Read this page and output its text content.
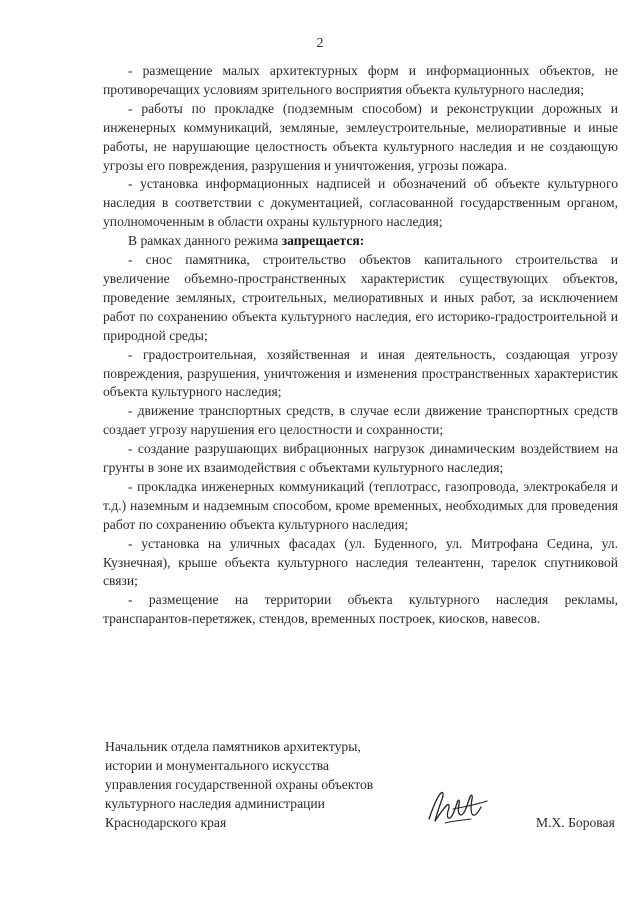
2

- размещение малых архитектурных форм и информационных объектов, не противоречащих условиям зрительного восприятия объекта культурного наследия;

- работы по прокладке (подземным способом) и реконструкции дорожных и инженерных коммуникаций, земляные, землеустроительные, мелиоративные и иные работы, не нарушающие целостность объекта культурного наследия и не создающую угрозы его повреждения, разрушения и уничтожения, угрозы пожара.

- установка информационных надписей и обозначений об объекте культурного наследия в соответствии с документацией, согласованной государственным органом, уполномоченным в области охраны культурного наследия;

В рамках данного режима запрещается:

- снос памятника, строительство объектов капитального строительства и увеличение объемно-пространственных характеристик существующих объектов, проведение земляных, строительных, мелиоративных и иных работ, за исключением работ по сохранению объекта культурного наследия, его историко-градостроительной и природной среды;

- градостроительная, хозяйственная и иная деятельность, создающая угрозу повреждения, разрушения, уничтожения и изменения пространственных характеристик объекта культурного наследия;

- движение транспортных средств, в случае если движение транспортных средств создает угрозу нарушения его целостности и сохранности;

- создание разрушающих вибрационных нагрузок динамическим воздействием на грунты в зоне их взаимодействия с объектами культурного наследия;

- прокладка инженерных коммуникаций (теплотрасс, газопровода, электрокабеля и т.д.) наземным и надземным способом, кроме временных, необходимых для проведения работ по сохранению объекта культурного наследия;

- установка на уличных фасадах (ул. Буденного, ул. Митрофана Седина, ул. Кузнечная), крыше объекта культурного наследия телеантенн, тарелок спутниковой связи;

- размещение на территории объекта культурного наследия рекламы, транспарантов-перетяжек, стендов, временных построек, киосков, навесов.

Начальник отдела памятников архитектуры,
истории и монументального искусства
управления государственной охраны объектов
культурного наследия администрации
Краснодарского края	М.Х. Боровая
